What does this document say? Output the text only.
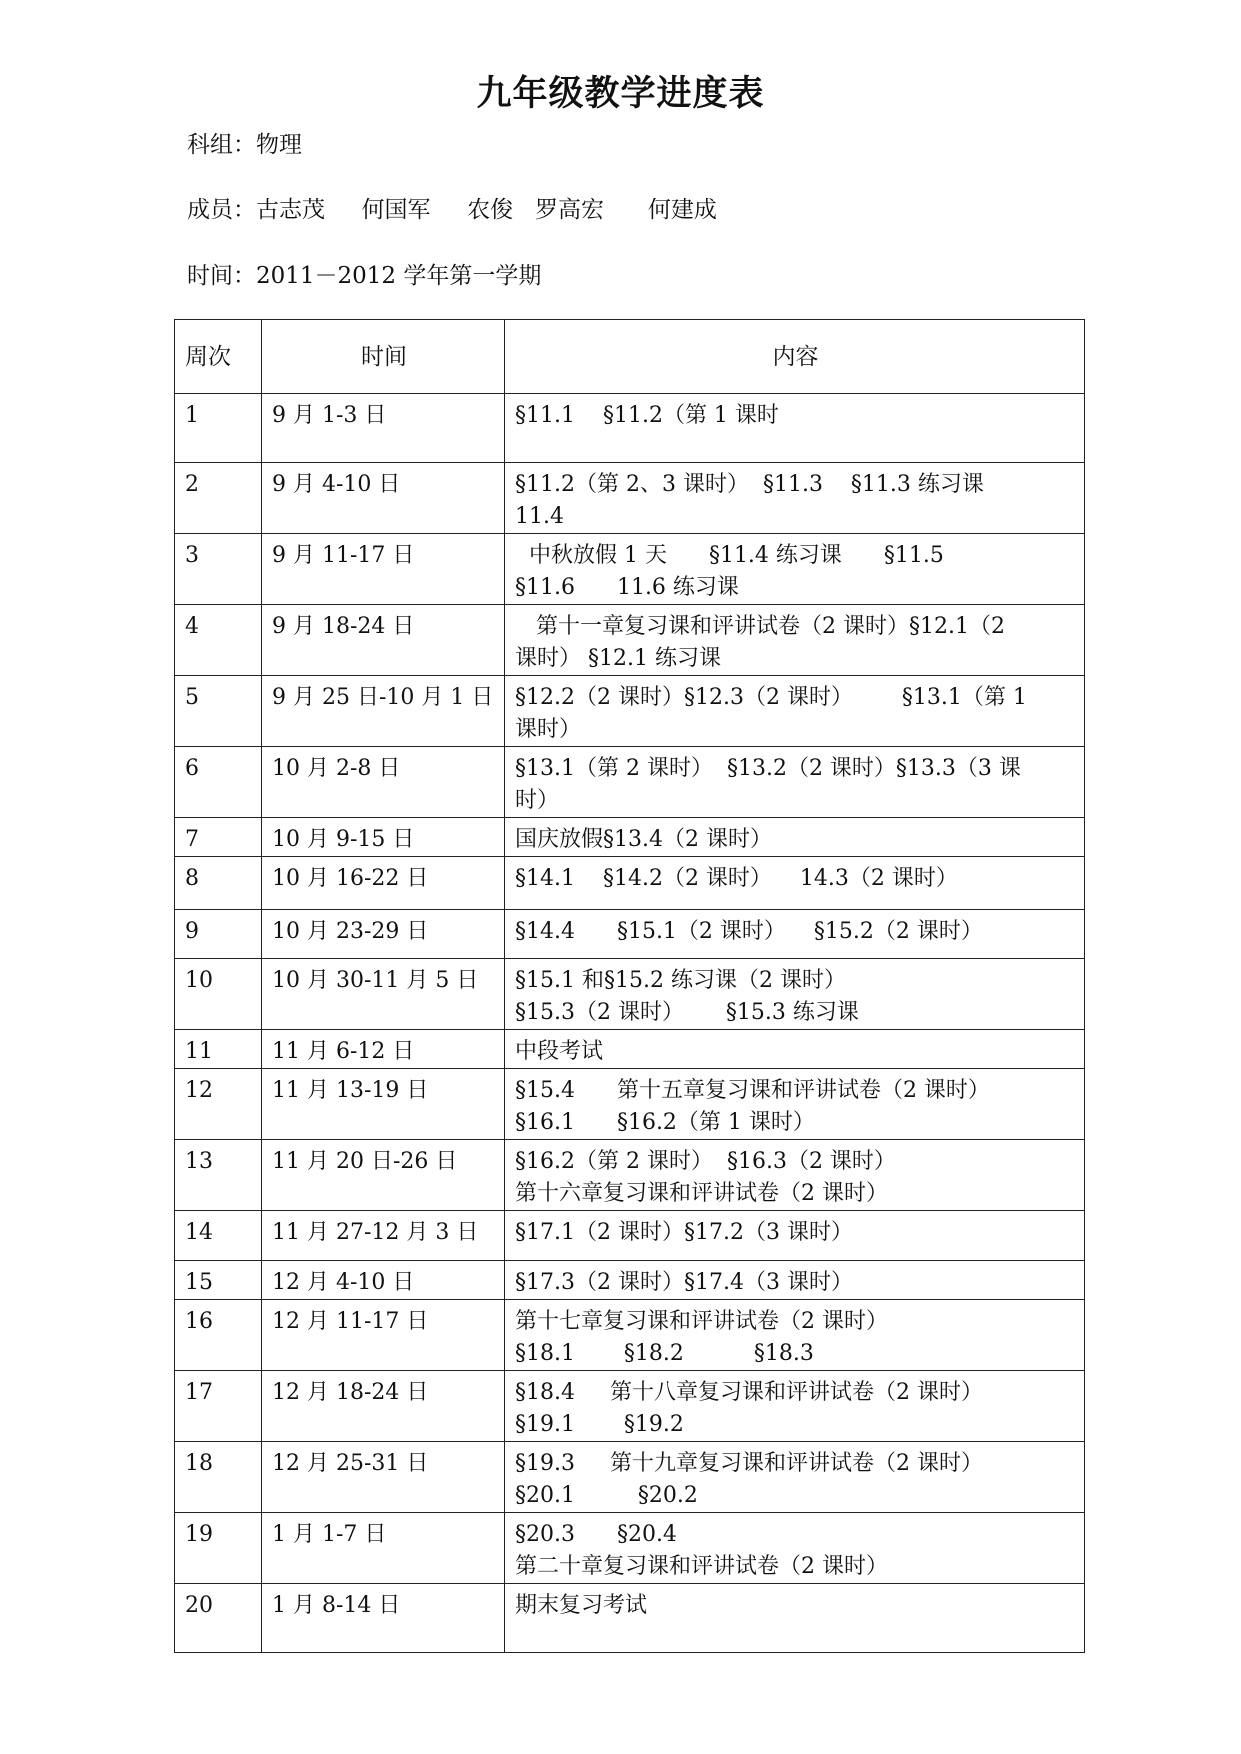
九年级教学进度表
科组：物理
成员：古志茂     何国军     农俊   罗高宏      何建成
时间：2011－2012 学年第一学期
周次	时间	内容
1	9 月 1-3 日	§11.1    §11.2（第 1 课时
2	9 月 4-10 日	§11.2（第 2、3 课时）  §11.3    §11.3 练习课
11.4
3	9 月 11-17 日	中秋放假 1 天      §11.4 练习课      §11.5
§11.6      11.6 练习课
4	9 月 18-24 日	第十一章复习课和评讲试卷（2 课时）§12.1（2
课时） §12.1 练习课
5	9 月 25 日-10 月 1 日	§12.2（2 课时）§12.3（2 课时）       §13.1（第 1
课时）
6	10 月 2-8 日	§13.1（第 2 课时）  §13.2（2 课时）§13.3（3 课
时）
7	10 月 9-15 日	国庆放假§13.4（2 课时）
8	10 月 16-22 日	§14.1    §14.2（2 课时）    14.3（2 课时）
9	10 月 23-29 日	§14.4      §15.1（2 课时）    §15.2（2 课时）
10	10 月 30-11 月 5 日	§15.1 和§15.2 练习课（2 课时）
§15.3（2 课时）      §15.3 练习课
11	11 月 6-12 日	中段考试
12	11 月 13-19 日	§15.4      第十五章复习课和评讲试卷（2 课时）
§16.1      §16.2（第 1 课时）
13	11 月 20 日-26 日	§16.2（第 2 课时）  §16.3（2 课时）
第十六章复习课和评讲试卷（2 课时）
14	11 月 27-12 月 3 日	§17.1（2 课时）§17.2（3 课时）
15	12 月 4-10 日	§17.3（2 课时）§17.4（3 课时）
16	12 月 11-17 日	第十七章复习课和评讲试卷（2 课时）
§18.1       §18.2          §18.3
17	12 月 18-24 日	§18.4     第十八章复习课和评讲试卷（2 课时）
§19.1       §19.2
18	12 月 25-31 日	§19.3     第十九章复习课和评讲试卷（2 课时）
§20.1         §20.2
19	1 月 1-7 日	§20.3      §20.4
第二十章复习课和评讲试卷（2 课时）
20	1 月 8-14 日	期末复习考试
